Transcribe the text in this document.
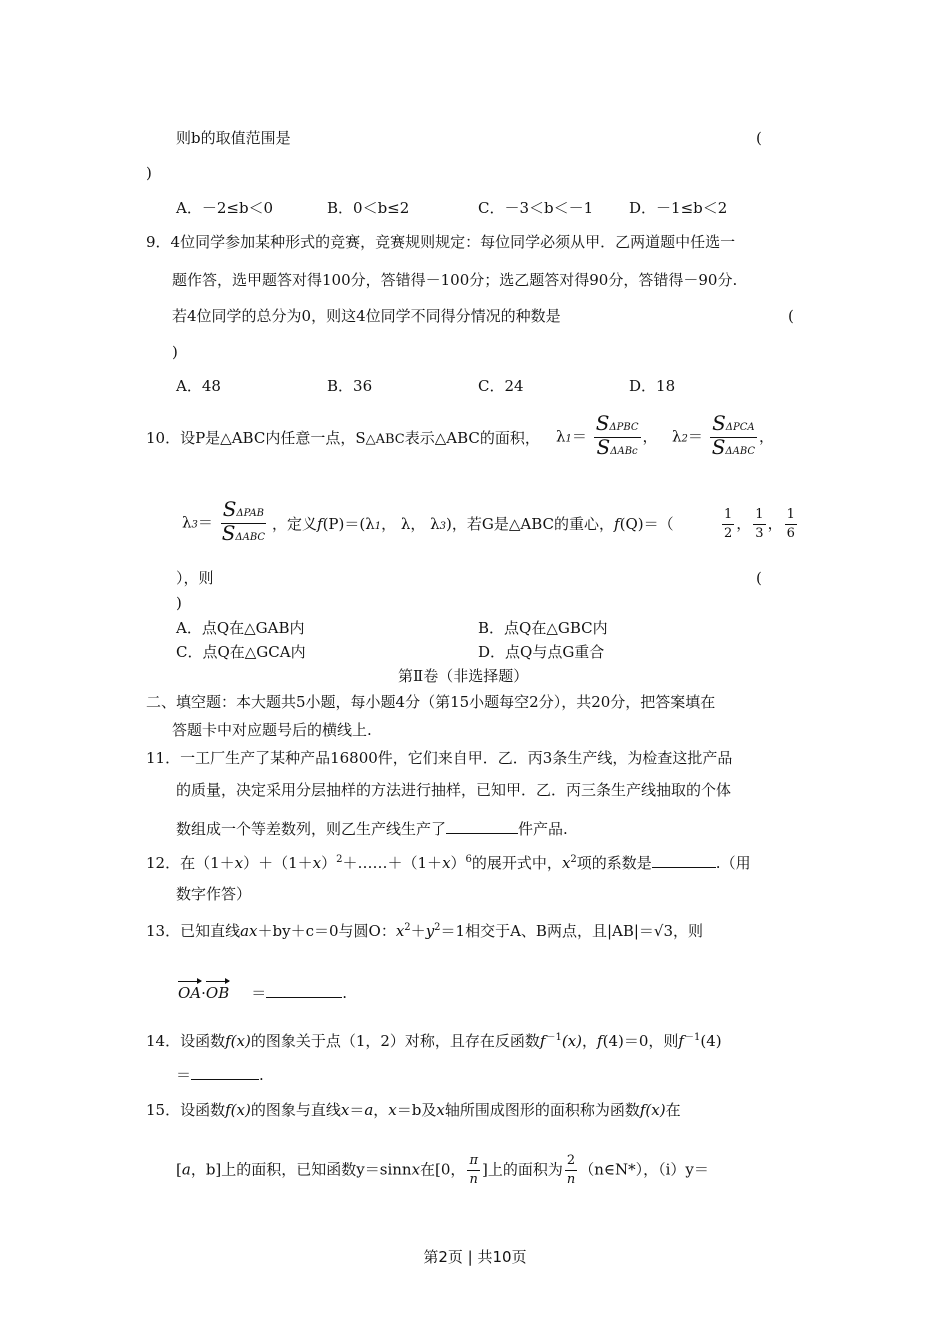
则b的取值范围是	(
)
A．－2≤b＜0	B．0＜b≤2	C．－3＜b＜－1 D．－1≤b＜2
9．4位同学参加某种形式的竞赛，竞赛规则规定：每位同学必须从甲．乙两道题中任选一
题作答，选甲题答对得100分，答错得－100分；选乙题答对得90分，答错得－90分.
若4位同学的总分为0，则这4位同学不同得分情况的种数是	(
)
A．48	B．36	C．24	D．18
10．设P是△ABC内任意一点，S△ABC表示△ABC的面积， $\lambda 1= \frac{\text{SΔPBC}}{\text{SΔABc}}$ ， $\lambda 2= \frac{\text{SΔPCA}}{\text{SΔABC}}$ ，
$\lambda 3= \frac{\text{SΔPAB}}{\text{SΔABC}}$ ，定义f(P)＝(λ1， λ， λ3)，若G是△ABC的重心，f(Q)＝（	$\frac{1}{2}$ ， $\frac{1}{3}$ ， $\frac{1}{6}$
），则	(
)
A．点Q在△GAB内	B．点Q在△GBC内
C．点Q在△GCA内	D．点Q与点G重合
第Ⅱ卷（非选择题）
二、填空题：本大题共5小题，每小题4分（第15小题每空2分），共20分，把答案填在
答题卡中对应题号后的横线上.
11．一工厂生产了某种产品16800件，它们来自甲．乙．丙3条生产线，为检查这批产品
的质量，决定采用分层抽样的方法进行抽样，已知甲．乙．丙三条生产线抽取的个体
数组成一个等差数列，则乙生产线生产了	件产品.
12．在$(1+x)+(1+x)^2+\dots\dots+(1+x)^6$的展开式中，$x^2$项的系数是	.（用
数字作答）
13．已知直线ax＋by＋c＝0与圆O：$x^2+y^2=1$相交于A、B两点，且|AB|＝√3，则
OA·OB ＝	.
14．设函数f(x)的图象关于点（1，2）对称，且存在反函数$f^{-1}(x)$，f(4)＝0，则$f^{-1}(4)$
＝	.
15．设函数f(x)的图象与直线x＝a，x＝b及x轴所围成图形的面积称为函数f(x)在
[a，b]上的面积，已知函数y＝sinnx在[0， $\frac{\pi}{n}$ ]上的面积为 $\frac{2}{n}$ （n∈N*），（i）y＝
第2页 | 共10页
